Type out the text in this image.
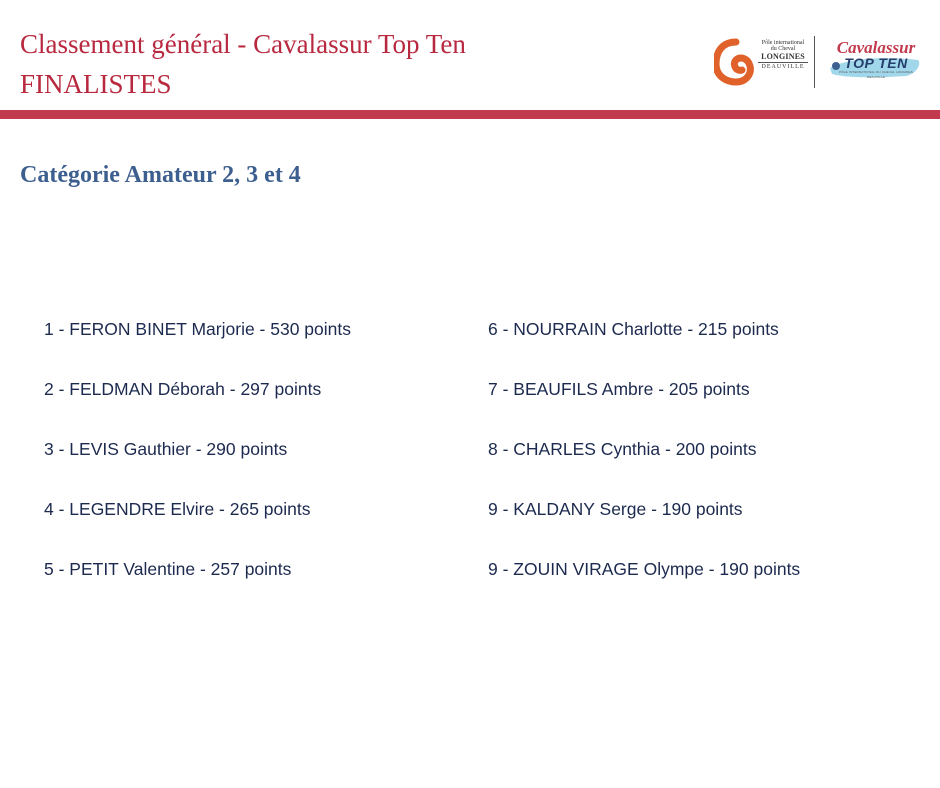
Classement général - Cavalassur Top Ten
FINALISTES
Pôle international
du Cheval
LONGINES
DEAUVILLE
Cavalassur
TOP TEN
PÔLE INTERNATIONAL DU CHEVAL LONGINES DEAUVILLE
Catégorie Amateur 2, 3 et 4
1 - FERON BINET Marjorie - 530 points
2 - FELDMAN Déborah - 297 points
3 - LEVIS Gauthier - 290 points
4 - LEGENDRE Elvire - 265 points
5 - PETIT Valentine - 257 points
6 - NOURRAIN Charlotte - 215 points
7 - BEAUFILS Ambre - 205 points
8 - CHARLES Cynthia - 200 points
9 - KALDANY Serge - 190 points
9 - ZOUIN VIRAGE Olympe - 190 points
